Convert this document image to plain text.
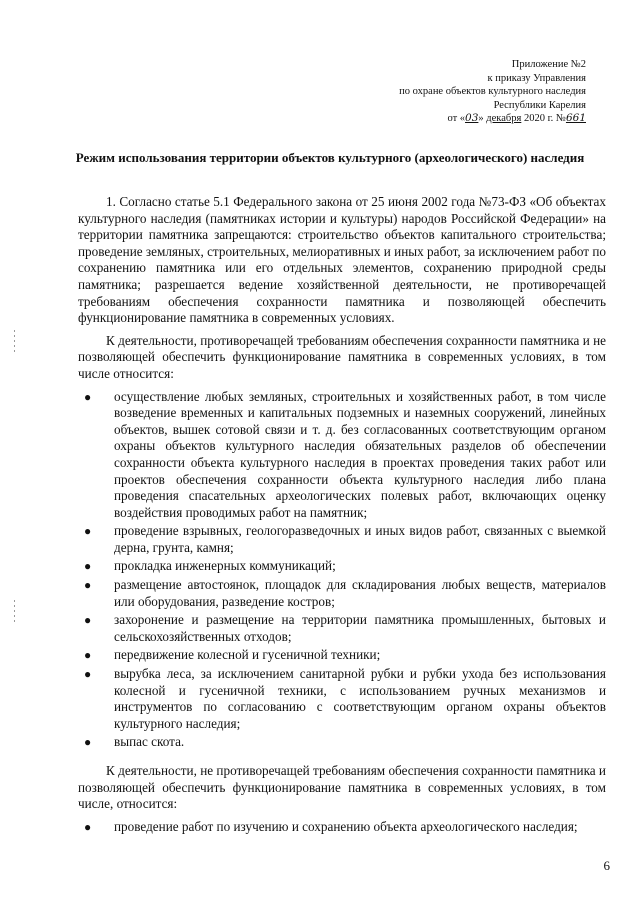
Приложение №2
к приказу Управления
по охране объектов культурного наследия
Республики Карелия
от «03» декабря 2020 г. №661
Режим использования территории объектов культурного (археологического) наследия

1. Согласно статье 5.1 Федерального закона от 25 июня 2002 года №73-ФЗ «Об объектах культурного наследия (памятниках истории и культуры) народов Российской Федерации» на территории памятника запрещаются: строительство объектов капитального строительства; проведение земляных, строительных, мелиоративных и иных работ, за исключением работ по сохранению памятника или его отдельных элементов, сохранению природной среды памятника; разрешается ведение хозяйственной деятельности, не противоречащей требованиям обеспечения сохранности памятника и позволяющей обеспечить функционирование памятника в современных условиях.

К деятельности, противоречащей требованиям обеспечения сохранности памятника и не позволяющей обеспечить функционирование памятника в современных условиях, в том числе относится:

● осуществление любых земляных, строительных и хозяйственных работ, в том числе возведение временных и капитальных подземных и наземных сооружений, линейных объектов, вышек сотовой связи и т. д. без согласованных соответствующим органом охраны объектов культурного наследия обязательных разделов об обеспечении сохранности объекта культурного наследия в проектах проведения таких работ или проектов обеспечения сохранности объекта культурного наследия либо плана проведения спасательных археологических полевых работ, включающих оценку воздействия проводимых работ на памятник;
● проведение взрывных, геологоразведочных и иных видов работ, связанных с выемкой дерна, грунта, камня;
● прокладка инженерных коммуникаций;
● размещение автостоянок, площадок для складирования любых веществ, материалов или оборудования, разведение костров;
● захоронение и размещение на территории памятника промышленных, бытовых и сельскохозяйственных отходов;
● передвижение колесной и гусеничной техники;
● вырубка леса, за исключением санитарной рубки и рубки ухода без использования колесной и гусеничной техники, с использованием ручных механизмов и инструментов по согласованию с соответствующим органом охраны объектов культурного наследия;
● выпас скота.

К деятельности, не противоречащей требованиям обеспечения сохранности памятника и позволяющей обеспечить функционирование памятника в современных условиях, в том числе, относится:

● проведение работ по изучению и сохранению объекта археологического наследия;
6
